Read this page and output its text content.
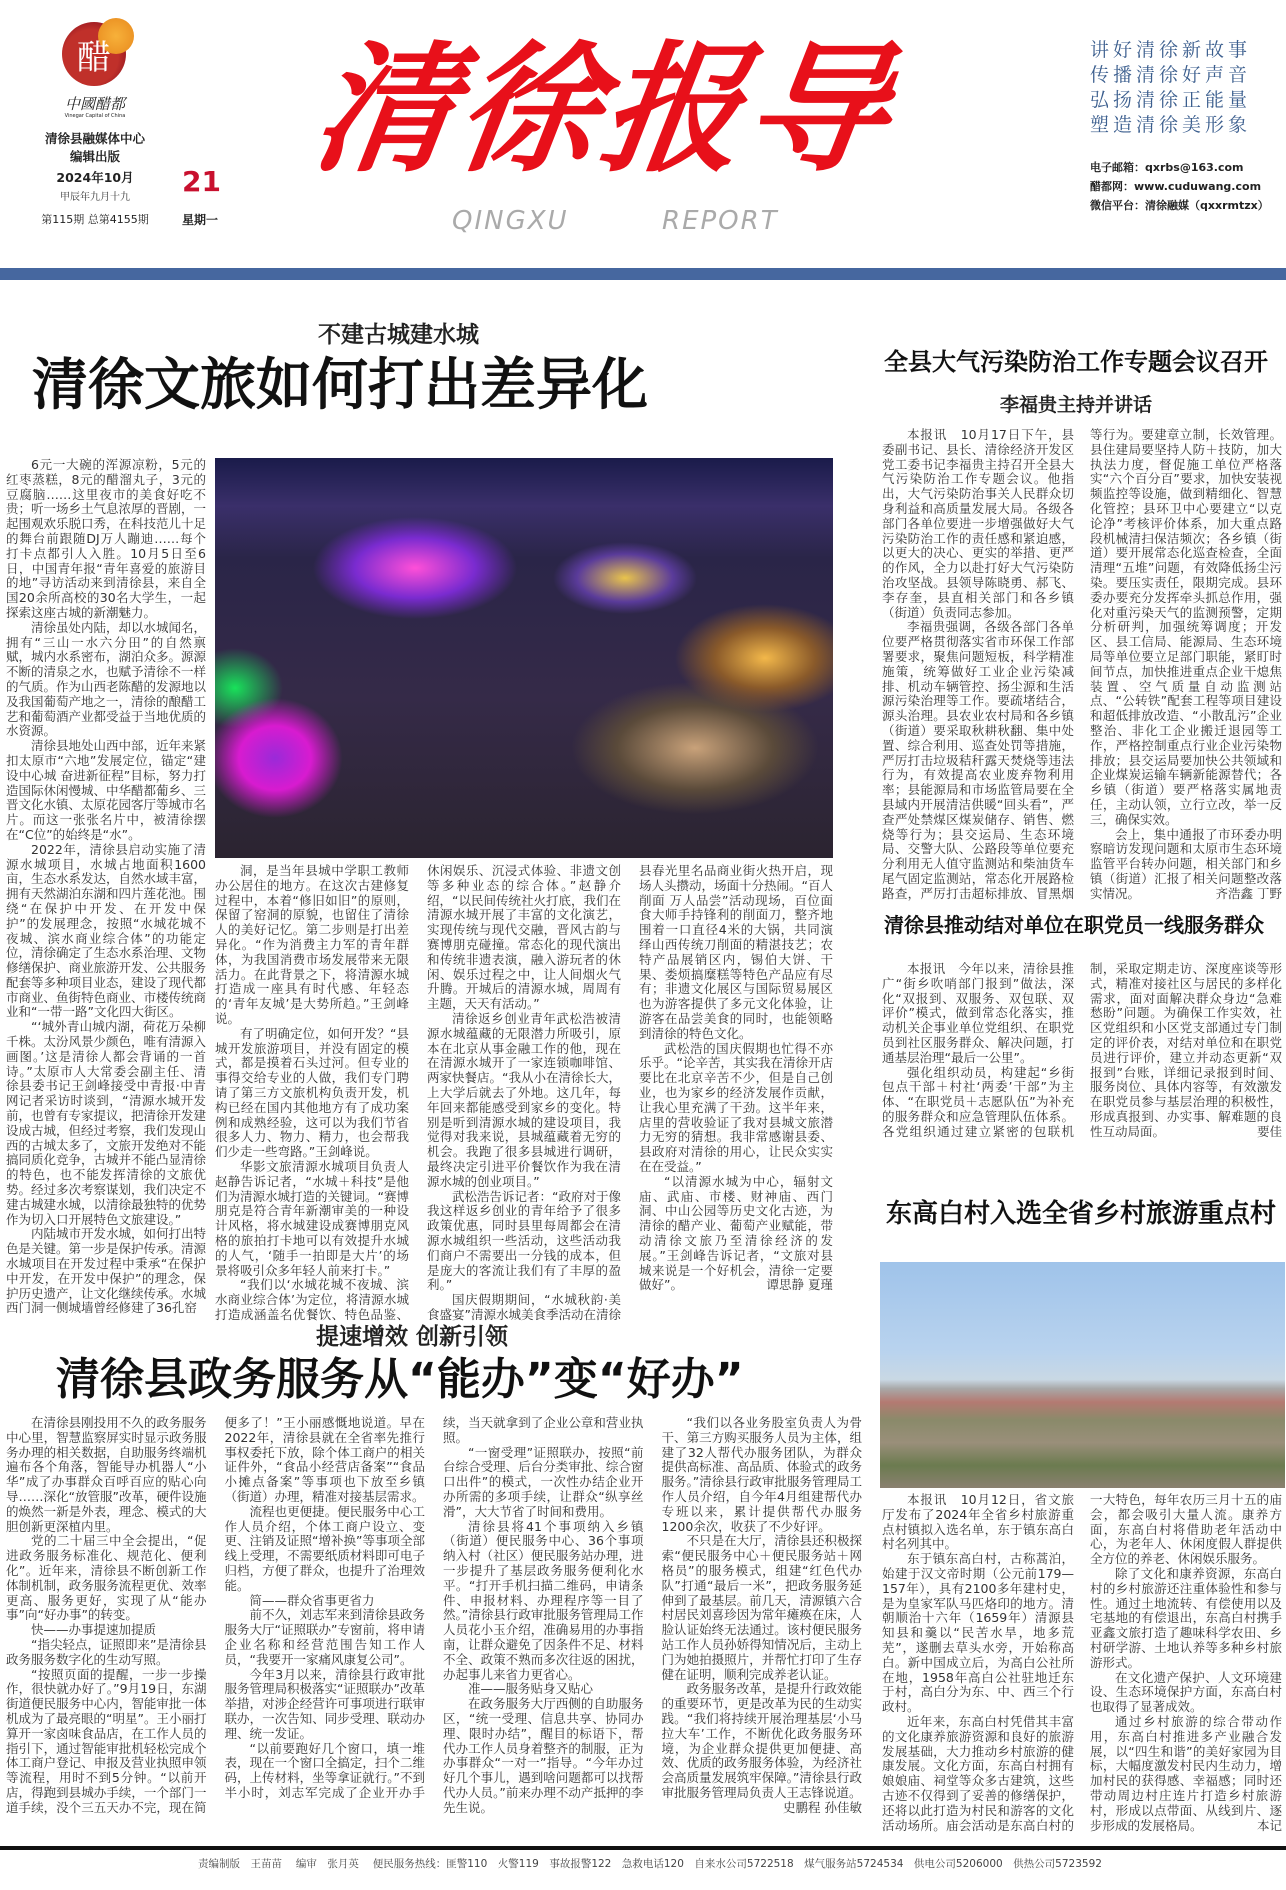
醋
中國醋都
Vinegar Capital of China
清徐县融媒体中心
编辑出版
2024年10月
甲辰年九月十九
第115期 总第4155期
21
星期一
清徐报导
QINGXU	REPORT
讲好清徐新故事
传播清徐好声音
弘扬清徐正能量
塑造清徐美形象
电子邮箱：qxrbs@163.com
醋都网：www.cuduwang.com
微信平台：清徐融媒（qxxrmtzx）
不建古城建水城
清徐文旅如何打出差异化

6元一大碗的浑源凉粉，5元的红枣蒸糕，8元的醋溜丸子，3元的豆腐脑……这里夜市的美食好吃不贵；听一场乡土气息浓厚的晋剧，一起围观欢乐脱口秀，在科技范儿十足的舞台前跟随DJ万人蹦迪……每个打卡点都引人入胜。10月5日至6日，中国青年报“青年喜爱的旅游目的地”寻访活动来到清徐县，来自全国20余所高校的30名大学生，一起探索这座古城的新潮魅力。

清徐虽处内陆，却以水城闻名，拥有“三山一水六分田”的自然禀赋，城内水系密布，湖泊众多。源源不断的清泉之水，也赋予清徐不一样的气质。作为山西老陈醋的发源地以及我国葡萄产地之一，清徐的酿醋工艺和葡萄酒产业都受益于当地优质的水资源。

清徐县地处山西中部，近年来紧扣太原市“六地”发展定位，锚定“建设中心城 奋进新征程”目标，努力打造国际休闲慢城、中华醋都葡乡、三晋文化水镇、太原花园客厅等城市名片。而这一张张名片中，被清徐摆在“C位”的始终是“水”。

2022年，清徐县启动实施了清源水城项目，水城占地面积1600亩，生态水系发达，自然水域丰富，拥有天然湖泊东湖和四片莲花池。围绕“在保护中开发、在开发中保护”的发展理念，按照“水城花城不夜城、滨水商业综合体”的功能定位，清徐确定了生态水系治理、文物修缮保护、商业旅游开发、公共服务配套等多种项目业态，建设了现代都市商业、鱼街特色商业、市楼传统商业和“一带一路”文化四大街区。

“‘城外青山城内湖，荷花万朵柳千株。太汾风景少颜色，唯有清源入画图。’这是清徐人都会背诵的一首诗。”太原市人大常委会副主任、清徐县委书记王剑峰接受中青报·中青网记者采访时谈到，“清源水城开发前，也曾有专家提议，把清徐开发建设成古城，但经过考察，我们发现山西的古城太多了，文旅开发绝对不能搞同质化竞争，古城并不能凸显清徐的特色，也不能发挥清徐的文旅优势。经过多次考察谋划，我们决定不建古城建水城，以清徐最独特的优势作为切入口开展特色文旅建设。”

内陆城市开发水城，如何打出特色是关键。第一步是保护传承。清源水城项目在开发过程中秉承“在保护中开发，在开发中保护”的理念，保护历史遗产，让文化继续传承。水城西门洞一侧城墙曾经修建了36孔窑

洞，是当年县城中学职工教师办公居住的地方。在这次古建修复过程中，本着“修旧如旧”的原则，保留了窑洞的原貌，也留住了清徐人的美好记忆。第二步则是打出差异化。“作为消费主力军的青年群体，为我国消费市场发展带来无限活力。在此背景之下，将清源水城打造成一座具有时代感、年轻态的‘青年友城’是大势所趋。”王剑峰说。

有了明确定位，如何开发？“县城开发旅游项目，并没有固定的模式，都是摸着石头过河。但专业的事得交给专业的人做，我们专门聘请了第三方文旅机构负责开发，机构已经在国内其他地方有了成功案例和成熟经验，这可以为我们节省很多人力、物力、精力，也会帮我们少走一些弯路。”王剑峰说。

华影文旅清源水城项目负责人赵静告诉记者，“水城＋科技”是他们为清源水城打造的关键词。“赛博朋克是符合青年新潮审美的一种设计风格，将水城建设成赛博朋克风格的旅拍打卡地可以有效提升水城的人气，‘随手一拍即是大片’的场景将吸引众多年轻人前来打卡。”

“我们以‘水城花城不夜城、滨水商业综合体’为定位，将清源水城打造成涵盖名优餐饮、特色品鉴、休闲娱乐、沉浸式体验、非遗文创等多种业态的综合体。”赵静介绍，“以民间传统社火打底，我们在清源水城开展了丰富的文化演艺，实现传统与现代交融，晋风古韵与赛博朋克碰撞。常态化的现代演出和传统非遗表演，融入游玩者的休闲、娱乐过程之中，让人间烟火气升腾。开城后的清源水城，周周有主题，天天有活动。”

清徐返乡创业青年武松浩被清源水城蕴藏的无限潜力所吸引，原本在北京从事金融工作的他，现在在清源水城开了一家连锁咖啡馆、两家快餐店。“我从小在清徐长大，上大学后就去了外地。这几年，每年回来都能感受到家乡的变化。特别是听到清源水城的建设项目，我觉得对我来说，县城蕴藏着无穷的机会。我跑了很多县城进行调研，最终决定引进平价餐饮作为我在清源水城的创业项目。”

武松浩告诉记者：“政府对于像我这样返乡创业的青年给予了很多政策优惠，同时县里每周都会在清源水城组织一些活动，这些活动我们商户不需要出一分钱的成本，但是庞大的客流让我们有了丰厚的盈利。”

国庆假期期间，“水城秋韵·美食盛宴”清源水城美食季活动在清徐县春光里名品商业街火热开启，现场人头攒动，场面十分热闹。“百人削面 万人品尝”活动现场，百位面食大师手持锋利的削面刀，整齐地围着一口直径4米的大锅，共同演绎山西传统刀削面的精湛技艺；农特产品展销区内，锡伯大饼、干果、娄烦搞糜糕等特色产品应有尽有；非遗文化展区与国际贸易展区也为游客提供了多元文化体验，让游客在品尝美食的同时，也能领略到清徐的特色文化。

武松浩的国庆假期也忙得不亦乐乎。“论辛苦，其实我在清徐开店要比在北京辛苦不少，但是自己创业，也为家乡的经济发展作贡献，让我心里充满了干劲。这半年来，店里的营收验证了我对县城文旅潜力无穷的猜想。我非常感谢县委、县政府对清徐的用心，让民众实实在在受益。”

“以清源水城为中心，辐射文庙、武庙、市楼、财神庙、西门洞、中山公园等历史文化古迹，为清徐的醋产业、葡萄产业赋能，带动清徐文旅乃至清徐经济的发展。”王剑峰告诉记者，“文旅对县城来说是一个好机会，清徐一定要做好”。	谭思静 夏瑾

全县大气污染防治工作专题会议召开
李福贵主持并讲话

本报讯　10月17日下午，县委副书记、县长、清徐经济开发区党工委书记李福贵主持召开全县大气污染防治工作专题会议。他指出，大气污染防治事关人民群众切身利益和高质量发展大局。各级各部门各单位要进一步增强做好大气污染防治工作的责任感和紧迫感，以更大的决心、更实的举措、更严的作风，全力以赴打好大气污染防治攻坚战。县领导陈晓勇、郝飞、李存奎，县直相关部门和各乡镇（街道）负责同志参加。

李福贵强调，各级各部门各单位要严格贯彻落实省市环保工作部署要求，聚焦问题短板，科学精准施策，统筹做好工业企业污染减排、机动车辆管控、扬尘源和生活源污染治理等工作。要疏堵结合，源头治理。县农业农村局和各乡镇（街道）要采取秋耕秋翻、集中处置、综合利用、巡查处罚等措施，严厉打击垃圾秸秆露天焚烧等违法行为，有效提高农业废弃物利用率；县能源局和市场监管局要在全县域内开展清洁供暖“回头看”，严查严处禁煤区煤炭储存、销售、燃烧等行为；县交运局、生态环境局、交警大队、公路段等单位要充分利用无人值守监测站和柴油货车尾气固定监测站，常态化开展路检路查，严厉打击超标排放、冒黑烟等行为。要建章立制，长效管理。县住建局要坚持人防＋技防，加大执法力度，督促施工单位严格落实“六个百分百”要求，加快安装视频监控等设施，做到精细化、智慧化管控；县环卫中心要建立“以克论净”考核评价体系，加大重点路段机械清扫保洁频次；各乡镇（街道）要开展常态化巡查检查，全面清理“五堆”问题，有效降低扬尘污染。要压实责任，限期完成。县环委办要充分发挥牵头抓总作用，强化对重污染天气的监测预警，定期分析研判，加强统筹调度；开发区、县工信局、能源局、生态环境局等单位要立足部门职能，紧盯时间节点，加快推进重点企业干熄焦装置、空气质量自动监测站点、“公转铁”配套工程等项目建设和超低排放改造、“小散乱污”企业整治、非化工企业搬迁退园等工作，严格控制重点行业企业污染物排放；县交运局要加快公共领域和企业煤炭运输车辆新能源替代；各乡镇（街道）要严格落实属地责任，主动认领，立行立改，举一反三，确保实效。

会上，集中通报了市环委办明察暗访发现问题和太原市生态环境监管平台转办问题，相关部门和乡镇（街道）汇报了相关问题整改落实情况。	齐浩鑫 丁野

清徐县推动结对单位在职党员一线服务群众

本报讯　今年以来，清徐县推广“街乡吹哨部门报到”做法，深化“双报到、双服务、双包联、双评价”模式，做到常态化落实，推动机关企事业单位党组织、在职党员到社区服务群众、解决问题，打通基层治理“最后一公里”。

强化组织动员，构建起“乡街包点干部＋村社‘两委’干部”为主体、“在职党员＋志愿队伍”为补充的服务群众和应急管理队伍体系。各党组织通过建立紧密的包联机制，采取定期走访、深度座谈等形式，精准对接社区与居民的多样化需求，面对面解决群众身边“急难愁盼”问题。为确保工作实效，社区党组织和小区党支部通过专门制定的评价表，对结对单位和在职党员进行评价，建立并动态更新“双报到”台账，详细记录报到时间、服务岗位、具体内容等，有效激发在职党员参与基层治理的积极性，形成真报到、办实事、解难题的良性互动局面。	要佳

东高白村入选全省乡村旅游重点村

本报讯　10月12日，省文旅厅发布了2024年全省乡村旅游重点村镇拟入选名单，东于镇东高白村名列其中。

东于镇东高白村，古称蒿泊，始建于汉文帝时期（公元前179—157年），具有2100多年建村史，是为皇家军队马匹烙印的地方。清朝顺治十六年（1659年）清源县知县和羹以“民苦水旱，地多荒芜”，遂删去草头水旁，开始称高白。新中国成立后，为高白公社所在地，1958年高白公社驻地迁东于村，高白分为东、中、西三个行政村。

近年来，东高白村凭借其丰富的文化康养旅游资源和良好的旅游发展基础，大力推动乡村旅游的健康发展。文化方面，东高白村拥有娘娘庙、祠堂等众多古建筑，这些古迹不仅得到了妥善的修缮保护，还将以此打造为村民和游客的文化活动场所。庙会活动是东高白村的一大特色，每年农历三月十五的庙会，都会吸引大量人流。康养方面，东高白村将借助老年活动中心，为老年人、休闲度假人群提供全方位的养老、休闲娱乐服务。

除了文化和康养资源，东高白村的乡村旅游还注重体验性和参与性。通过土地流转、有偿使用以及宅基地的有偿退出，东高白村携手亚鑫文旅打造了趣味科学农田、乡村研学游、土地认养等多种乡村旅游形式。

在文化遗产保护、人文环境建设、生态环境保护方面，东高白村也取得了显著成效。

通过乡村旅游的综合带动作用，东高白村推进多产业融合发展，以“四生和谐”的美好家园为目标，大幅度激发村民内生动力，增加村民的获得感、幸福感；同时还带动周边村庄连片打造乡村旅游村，形成以点带面、从线到片、逐步形成的发展格局。	本记

提速增效 创新引领
清徐县政务服务从“能办”变“好办”

在清徐县刚投用不久的政务服务中心里，智慧监察屏实时显示政务服务办理的相关数据，自助服务终端机遍布各个角落，智能导办机器人“小华”成了办事群众百呼百应的贴心向导……深化“放管服”改革，硬件设施的焕然一新是外表，理念、模式的大胆创新更深植内里。

党的二十届三中全会提出，“促进政务服务标准化、规范化、便利化”。近年来，清徐县不断创新工作体制机制，政务服务流程更优、效率更高、服务更好，实现了从“能办事”向“好办事”的转变。

快——办事提速加提质

“指尖轻点，证照即来”是清徐县政务服务数字化的生动写照。

“按照页面的提醒，一步一步操作，很快就办好了。”9月19日，东湖街道便民服务中心内，智能审批一体机成为了最亮眼的“明星”。王小丽打算开一家卤味食品店，在工作人员的指引下，通过智能审批机轻松完成个体工商户登记、申报及营业执照申领等流程，用时不到5分钟。“以前开店，得跑到县城办手续，一个部门一道手续，没个三五天办不完，现在简便多了！”王小丽感慨地说道。早在2022年，清徐县就在全省率先推行事权委托下放，除个体工商户的相关证件外，“食品小经营店备案”“食品小摊点备案”等事项也下放至乡镇（街道）办理，精准对接基层需求。

流程也更便捷。便民服务中心工作人员介绍，个体工商户设立、变更、注销及证照“增补换”等事项全部线上受理，不需要纸质材料即可电子归档，方便了群众，也提升了治理效能。

简——群众省事更省力

前不久，刘志军来到清徐县政务服务大厅“证照联办”专窗前，将申请企业名称和经营范围告知工作人员，“我要开一家痛风康复公司”。

今年3月以来，清徐县行政审批服务管理局积极落实“证照联办”改革举措，对涉企经营许可事项进行联审联办，一次告知、同步受理、联动办理、统一发证。

“以前要跑好几个窗口，填一堆表，现在一个窗口全搞定，扫个二维码，上传材料，坐等拿证就行。”不到半小时，刘志军完成了企业开办手续，当天就拿到了企业公章和营业执照。

“一窗受理”证照联办，按照“前台综合受理、后台分类审批、综合窗口出件”的模式，一次性办结企业开办所需的多项手续，让群众“纵享丝滑”，大大节省了时间和费用。

清徐县将41个事项纳入乡镇（街道）便民服务中心、36个事项纳入村（社区）便民服务站办理，进一步提升了基层政务服务便利化水平。“打开手机扫描二维码，申请条件、申报材料、办理程序等一目了然。”清徐县行政审批服务管理局工作人员花小玉介绍，准确易用的办事指南，让群众避免了因条件不足、材料不全、政策不熟而多次往返的困扰，办起事儿来省力更省心。

准——服务贴身又贴心

在政务服务大厅西侧的自助服务区，“统一受理、信息共享、协同办理、限时办结”，醒目的标语下，帮代办工作人员身着整齐的制服，正为办事群众“一对一”指导。“今年办过好几个事儿，遇到啥问题都可以找帮代办人员。”前来办理不动产抵押的李先生说。

“我们以各业务股室负责人为骨干、第三方购买服务人员为主体，组建了32人帮代办服务团队，为群众提供高标准、高品质、体验式的政务服务。”清徐县行政审批服务管理局工作人员介绍，自今年4月组建帮代办专班以来，累计提供帮代办服务1200余次，收获了不少好评。

不只是在大厅，清徐县还积极探索“便民服务中心＋便民服务站＋网格员”的服务模式，组建“红色代办队”打通“最后一米”，把政务服务延伸到了最基层。前几天，清源镇六合村居民刘喜珍因为常年瘫痪在床，人脸认证始终无法通过。该村便民服务站工作人员孙娇得知情况后，主动上门为她拍摄照片，并帮忙打印了生存健在证明，顺利完成养老认证。

政务服务改革，是提升行政效能的重要环节，更是改革为民的生动实践。“我们将持续开展治理基层‘小马拉大车’工作，不断优化政务服务环境，为企业群众提供更加便捷、高效、优质的政务服务体验，为经济社会高质量发展筑牢保障。”清徐县行政审批服务管理局负责人王志锋说道。
史鹏程 孙佳敏

责编制版　王苗苗　 编审　张月英　 便民服务热线：匪警110　火警119　事故报警122　急救电话120　自来水公司5722518　煤气服务站5724534　供电公司5206000　供热公司5723592
